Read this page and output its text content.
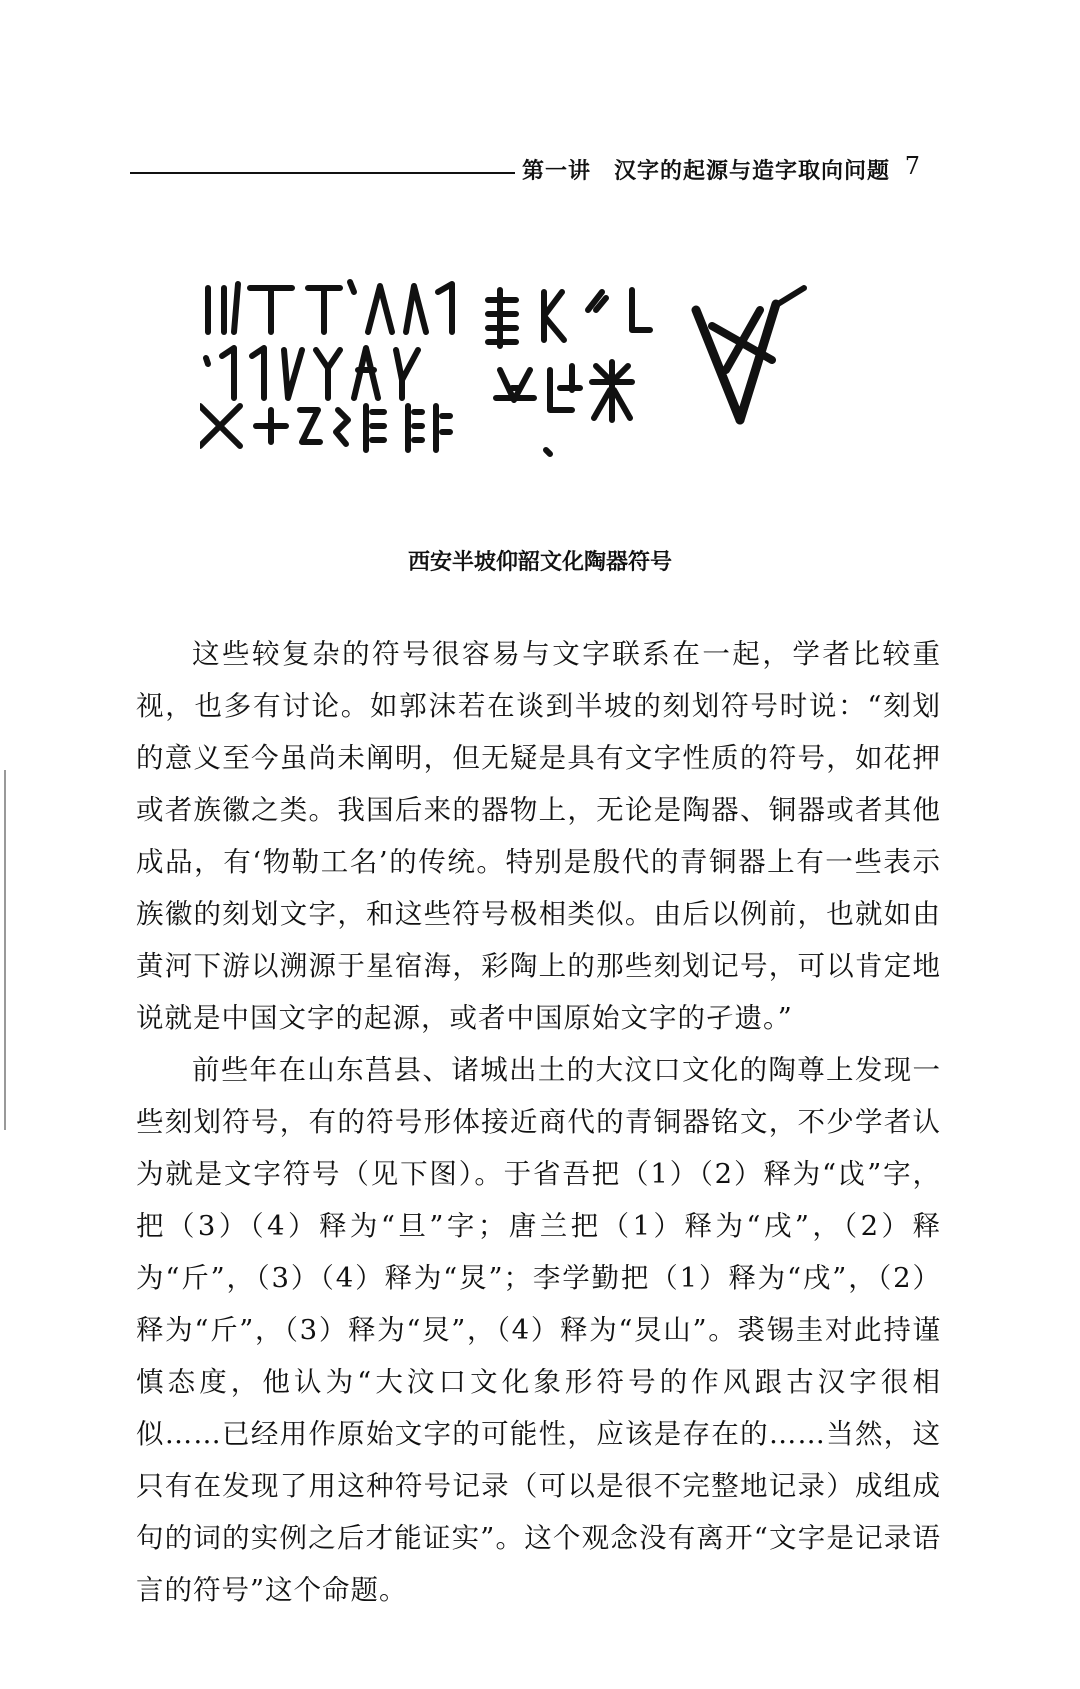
第一讲　汉字的起源与造字取向问题 7
西安半坡仰韶文化陶器符号

这些较复杂的符号很容易与文字联系在一起，学者比较重视，也多有讨论。如郭沫若在谈到半坡的刻划符号时说：“刻划的意义至今虽尚未阐明，但无疑是具有文字性质的符号，如花押或者族徽之类。我国后来的器物上，无论是陶器、铜器或者其他成品，有‘物勒工名’的传统。特别是殷代的青铜器上有一些表示族徽的刻划文字，和这些符号极相类似。由后以例前，也就如由黄河下游以溯源于星宿海，彩陶上的那些刻划记号，可以肯定地说就是中国文字的起源，或者中国原始文字的孑遗。”

前些年在山东莒县、诸城出土的大汶口文化的陶尊上发现一些刻划符号，有的符号形体接近商代的青铜器铭文，不少学者认为就是文字符号（见下图）。于省吾把（1）（2）释为“戉”字，把（3）（4）释为“旦”字；唐兰把（1）释为“戌”，（2）释为“斤”，（3）（4）释为“炅”；李学勤把（1）释为“戌”，（2）释为“斤”，（3）释为“炅”，（4）释为“炅山”。裘锡圭对此持谨慎态度，他认为“大汶口文化象形符号的作风跟古汉字很相似……已经用作原始文字的可能性，应该是存在的……当然，这只有在发现了用这种符号记录（可以是很不完整地记录）成组成句的词的实例之后才能证实”。这个观念没有离开“文字是记录语言的符号”这个命题。
